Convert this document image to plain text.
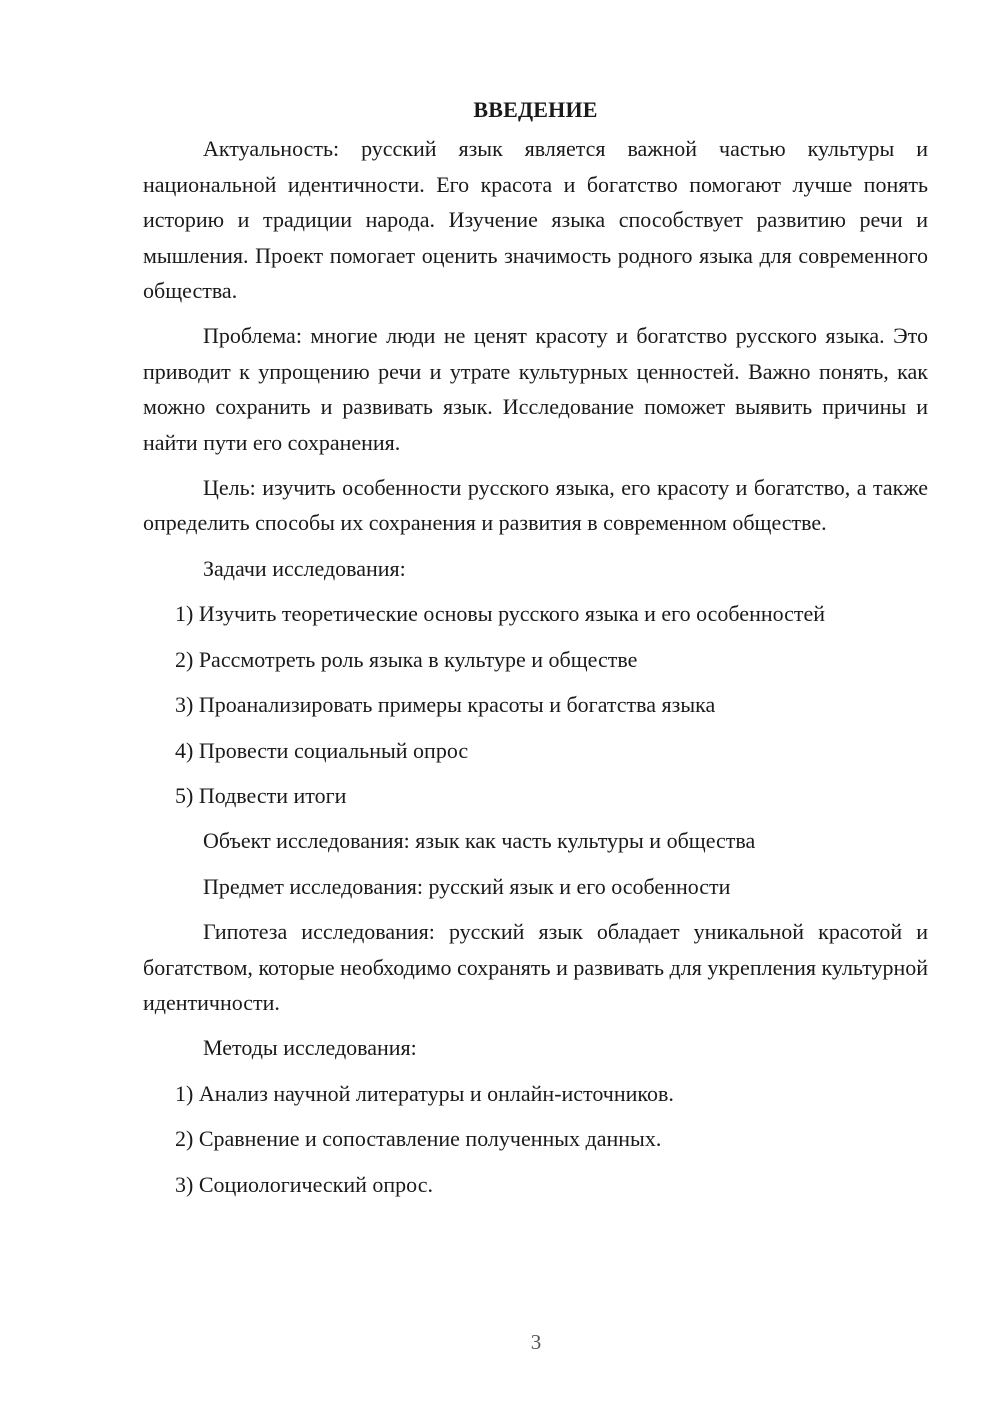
ВВЕДЕНИЕ

Актуальность: русский язык является важной частью культуры и национальной идентичности. Его красота и богатство помогают лучше понять историю и традиции народа. Изучение языка способствует развитию речи и мышления. Проект помогает оценить значимость родного языка для современного общества.

Проблема: многие люди не ценят красоту и богатство русского языка. Это приводит к упрощению речи и утрате культурных ценностей. Важно понять, как можно сохранить и развивать язык. Исследование поможет выявить причины и найти пути его сохранения.

Цель: изучить особенности русского языка, его красоту и богатство, а также определить способы их сохранения и развития в современном обществе.

Задачи исследования:
1) Изучить теоретические основы русского языка и его особенностей
2) Рассмотреть роль языка в культуре и обществе
3) Проанализировать примеры красоты и богатства языка
4) Провести социальный опрос
5) Подвести итоги
Объект исследования: язык как часть культуры и общества
Предмет исследования: русский язык и его особенности

Гипотеза исследования: русский язык обладает уникальной красотой и богатством, которые необходимо сохранять и развивать для укрепления культурной идентичности.

Методы исследования:
1) Анализ научной литературы и онлайн-источников.
2) Сравнение и сопоставление полученных данных.
3) Социологический опрос.
3
